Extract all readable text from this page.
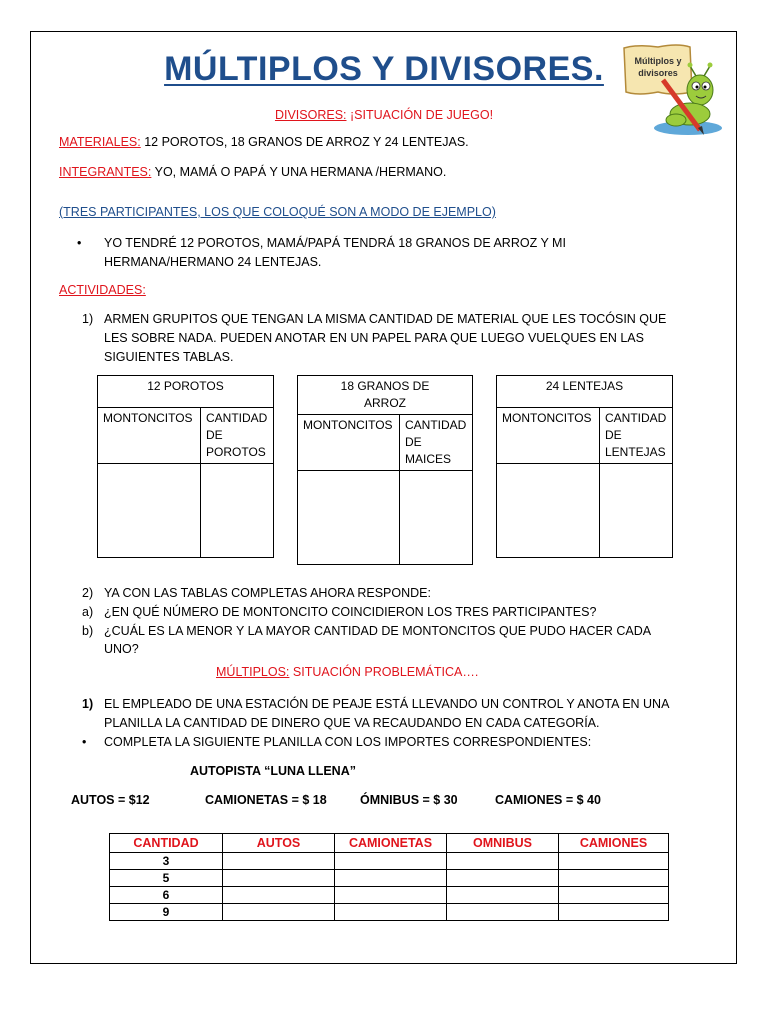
MÚLTIPLOS Y DIVISORES.	Múltiplos y
divisores
DIVISORES: ¡SITUACIÓN DE JUEGO!
MATERIALES: 12 POROTOS, 18 GRANOS DE ARROZ Y 24 LENTEJAS.
INTEGRANTES: YO, MAMÁ O PAPÁ Y UNA HERMANA /HERMANO.
(TRES PARTICIPANTES, LOS QUE COLOQUÉ SON A MODO DE EJEMPLO)
• YO TENDRÉ 12 POROTOS, MAMÁ/PAPÁ TENDRÁ 18 GRANOS DE ARROZ Y MI
HERMANA/HERMANO 24 LENTEJAS.
ACTIVIDADES:
1) ARMEN GRUPITOS QUE TENGAN LA MISMA CANTIDAD DE MATERIAL QUE LES TOCÓSIN QUE
LES SOBRE NADA. PUEDEN ANOTAR EN UN PAPEL PARA QUE LUEGO VUELQUES EN LAS
SIGUIENTES TABLAS.
12 POROTOS	
MONTONCITOS	CANTIDAD DE POROTOS

18 GRANOS DE ARROZ	
MONTONCITOS	CANTIDAD DE MAICES

24 LENTEJAS	
MONTONCITOS	CANTIDAD DE LENTEJAS

2) YA CON LAS TABLAS COMPLETAS AHORA RESPONDE:
a) ¿EN QUÉ NÚMERO DE MONTONCITO COINCIDIERON LOS TRES PARTICIPANTES?
b) ¿CUÁL ES LA MENOR Y LA MAYOR CANTIDAD DE MONTONCITOS QUE PUDO HACER CADA
UNO?
MÚLTIPLOS: SITUACIÓN PROBLEMÁTICA….
1) EL EMPLEADO DE UNA ESTACIÓN DE PEAJE ESTÁ LLEVANDO UN CONTROL Y ANOTA EN UNA
PLANILLA LA CANTIDAD DE DINERO QUE VA RECAUDANDO EN CADA CATEGORÍA.
• COMPLETA LA SIGUIENTE PLANILLA CON LOS IMPORTES CORRESPONDIENTES:
AUTOPISTA “LUNA LLENA”
AUTOS = $12	CAMIONETAS = $ 18	ÓMNIBUS = $ 30	CAMIONES = $ 40
CANTIDAD	AUTOS	CAMIONETAS	OMNIBUS	CAMIONES
3				
5				
6				
9				
